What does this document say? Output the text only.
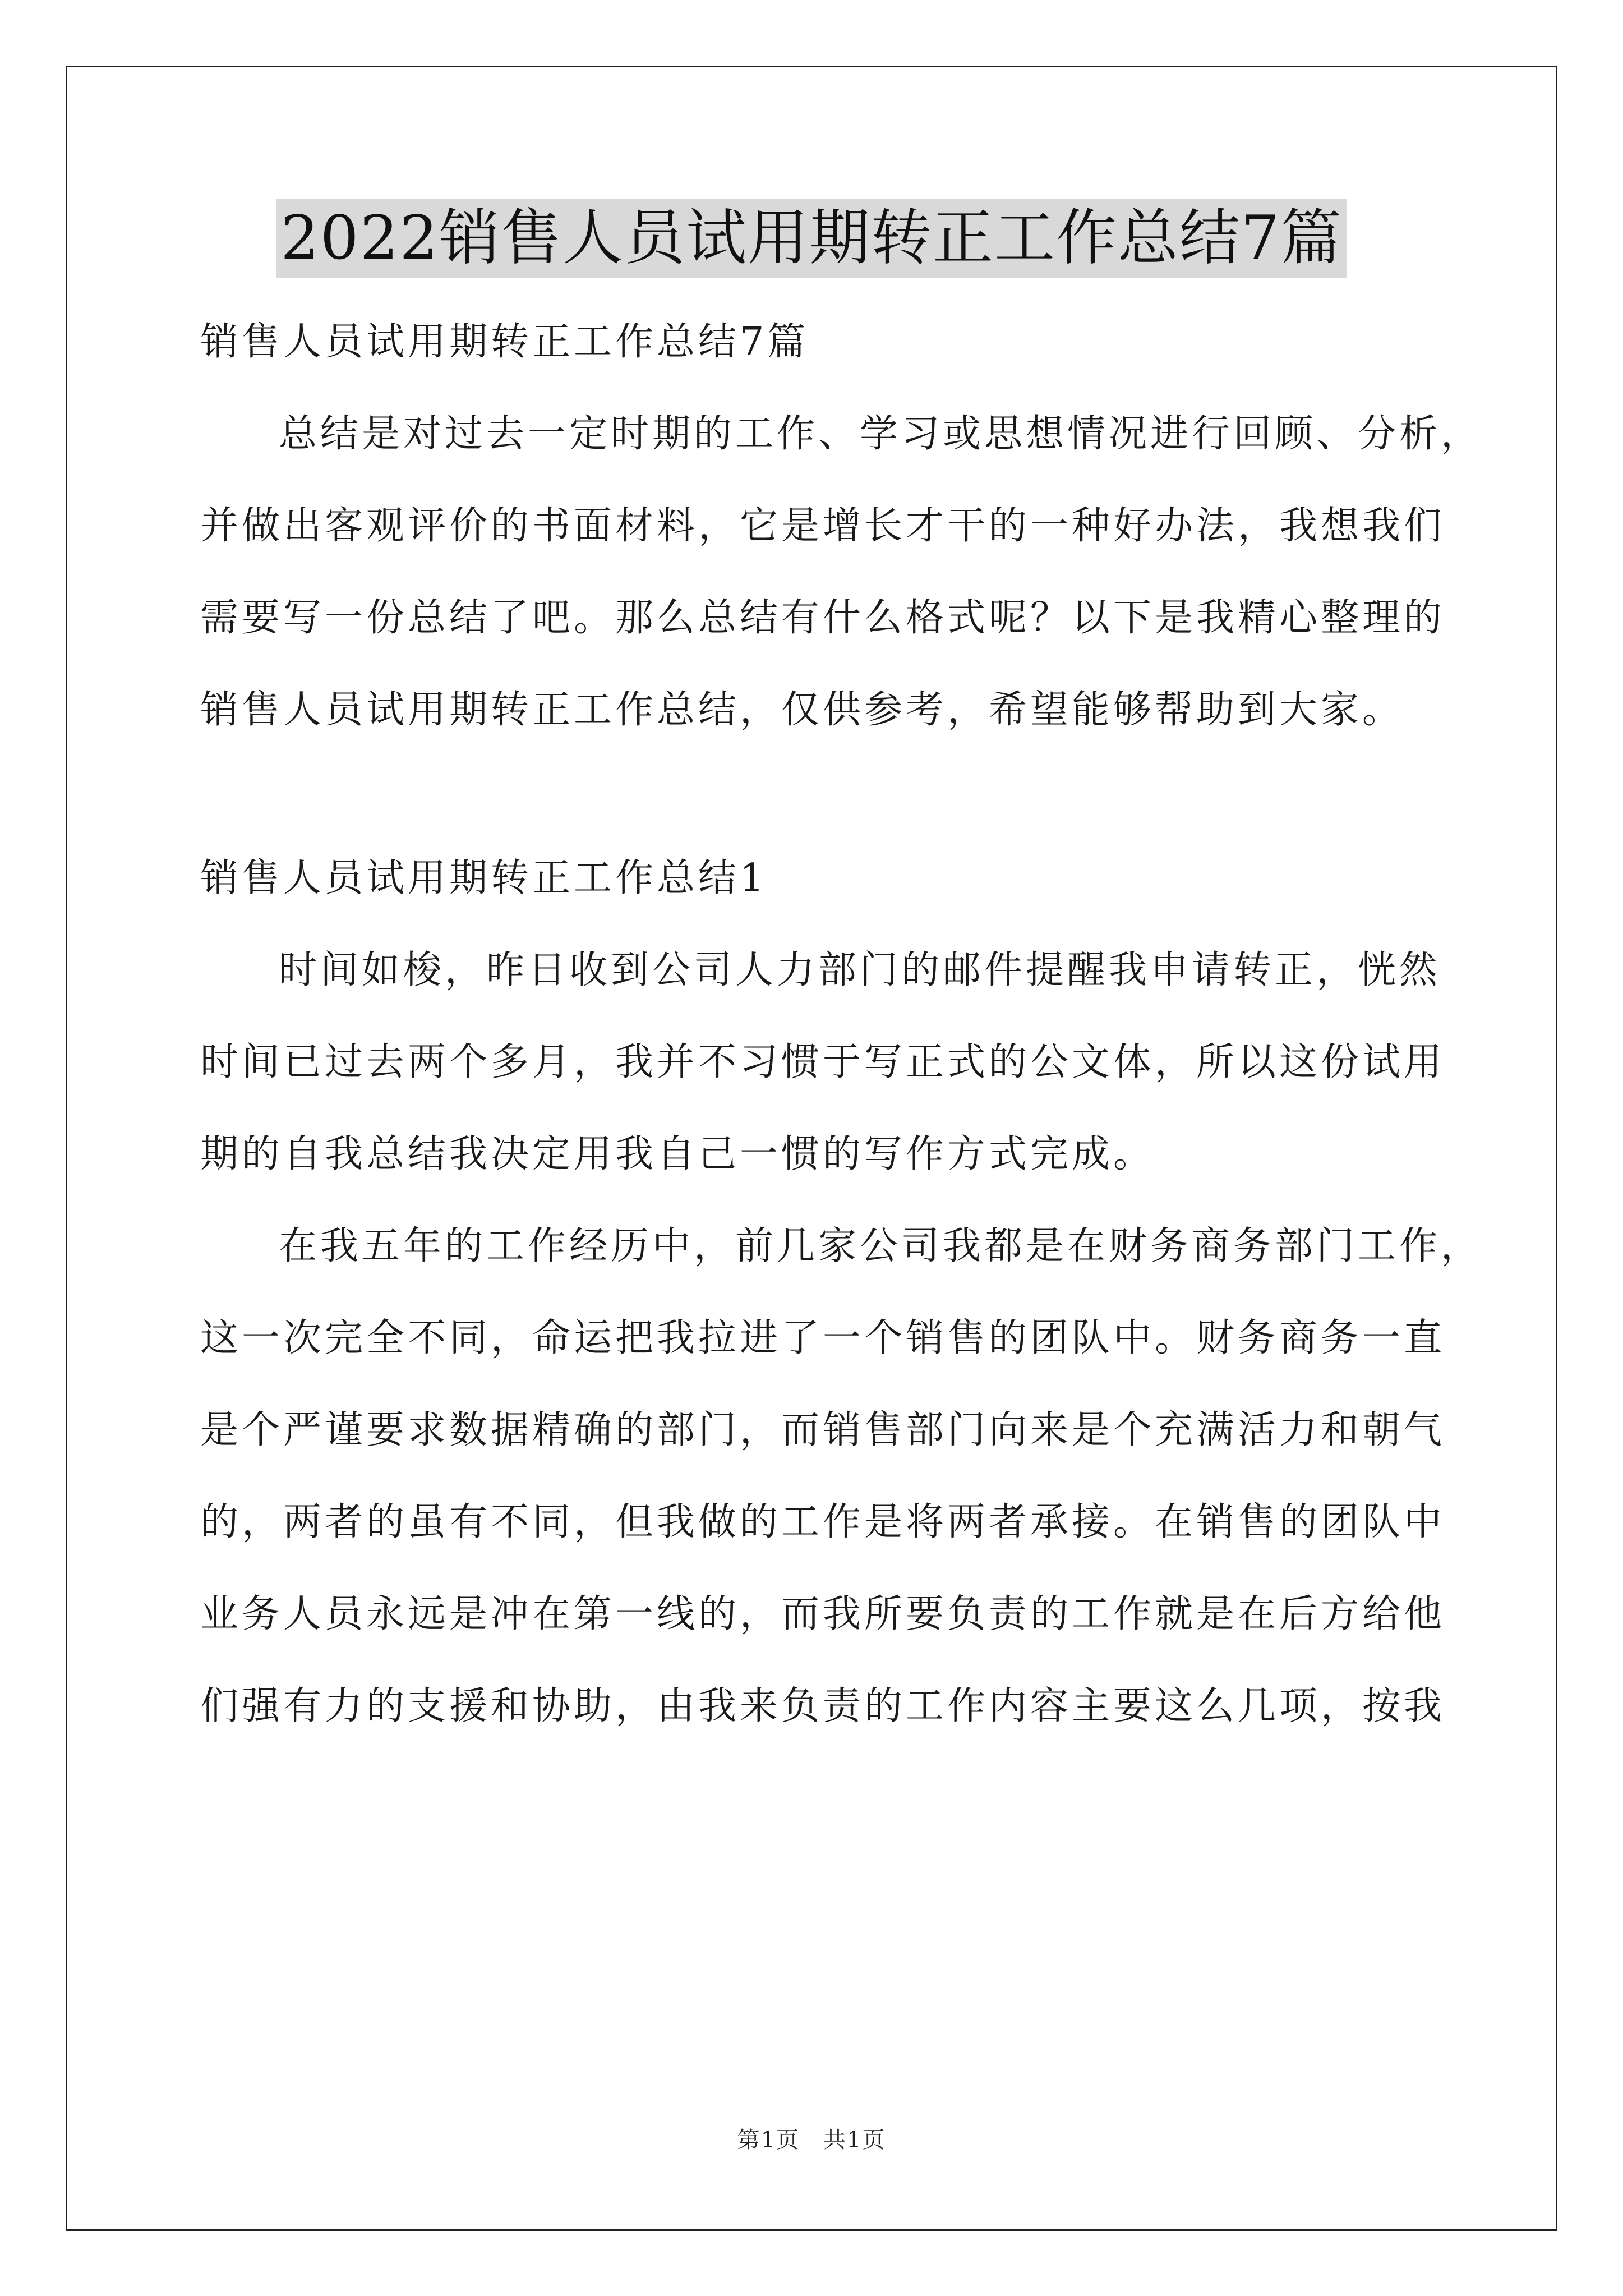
2022销售人员试用期转正工作总结7篇
销售人员试用期转正工作总结7篇
总结是对过去一定时期的工作、学习或思想情况进行回顾、分析，
并做出客观评价的书面材料，它是增长才干的一种好办法，我想我们
需要写一份总结了吧。那么总结有什么格式呢？以下是我精心整理的
销售人员试用期转正工作总结，仅供参考，希望能够帮助到大家。
销售人员试用期转正工作总结1
时间如梭，昨日收到公司人力部门的邮件提醒我申请转正，恍然
时间已过去两个多月，我并不习惯于写正式的公文体，所以这份试用
期的自我总结我决定用我自己一惯的写作方式完成。
在我五年的工作经历中，前几家公司我都是在财务商务部门工作，
这一次完全不同，命运把我拉进了一个销售的团队中。财务商务一直
是个严谨要求数据精确的部门，而销售部门向来是个充满活力和朝气
的，两者的虽有不同，但我做的工作是将两者承接。在销售的团队中
业务人员永远是冲在第一线的，而我所要负责的工作就是在后方给他
们强有力的支援和协助，由我来负责的工作内容主要这么几项，按我
第1页　共1页
